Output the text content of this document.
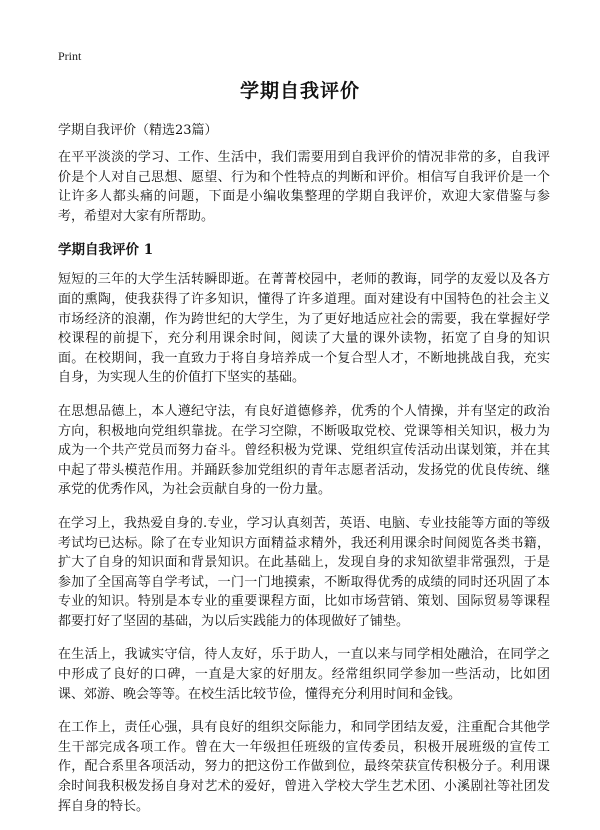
Print
学期自我评价
学期自我评价（精选23篇）

在平平淡淡的学习、工作、生活中，我们需要用到自我评价的情况非常的多，自我评价是个人对自己思想、愿望、行为和个性特点的判断和评价。相信写自我评价是一个让许多人都头痛的问题，下面是小编收集整理的学期自我评价，欢迎大家借鉴与参考，希望对大家有所帮助。

学期自我评价 1

短短的三年的大学生活转瞬即逝。在菁菁校园中，老师的教诲，同学的友爱以及各方面的熏陶，使我获得了许多知识，懂得了许多道理。面对建设有中国特色的社会主义市场经济的浪潮，作为跨世纪的大学生，为了更好地适应社会的需要，我在掌握好学校课程的前提下，充分利用课余时间，阅读了大量的课外读物，拓宽了自身的知识面。在校期间，我一直致力于将自身培养成一个复合型人才，不断地挑战自我，充实自身，为实现人生的价值打下坚实的基础。

在思想品德上，本人遵纪守法，有良好道德修养，优秀的个人情操，并有坚定的政治方向，积极地向党组织靠拢。在学习空隙，不断吸取党校、党课等相关知识，极力为成为一个共产党员而努力奋斗。曾经积极为党课、党组织宣传活动出谋划策，并在其中起了带头模范作用。并踊跃参加党组织的青年志愿者活动，发扬党的优良传统、继承党的优秀作风，为社会贡献自身的一份力量。

在学习上，我热爱自身的.专业，学习认真刻苦，英语、电脑、专业技能等方面的等级考试均已达标。除了在专业知识方面精益求精外，我还利用课余时间阅览各类书籍，扩大了自身的知识面和背景知识。在此基础上，发现自身的求知欲望非常强烈，于是参加了全国高等自学考试，一门一门地摸索，不断取得优秀的成绩的同时还巩固了本专业的知识。特别是本专业的重要课程方面，比如市场营销、策划、国际贸易等课程都要打好了坚固的基础，为以后实践能力的体现做好了铺垫。

在生活上，我诚实守信，待人友好，乐于助人，一直以来与同学相处融洽，在同学之中形成了良好的口碑，一直是大家的好朋友。经常组织同学参加一些活动，比如团课、郊游、晚会等等。在校生活比较节俭，懂得充分利用时间和金钱。

在工作上，责任心强，具有良好的组织交际能力，和同学团结友爱，注重配合其他学生干部完成各项工作。曾在大一年级担任班级的宣传委员，积极开展班级的宣传工作，配合系里各项活动，努力的把这份工作做到位，最终荣获宣传积极分子。利用课余时间我积极发扬自身对艺术的爱好，曾进入学校大学生艺术团、小溪剧社等社团发挥自身的特长。
